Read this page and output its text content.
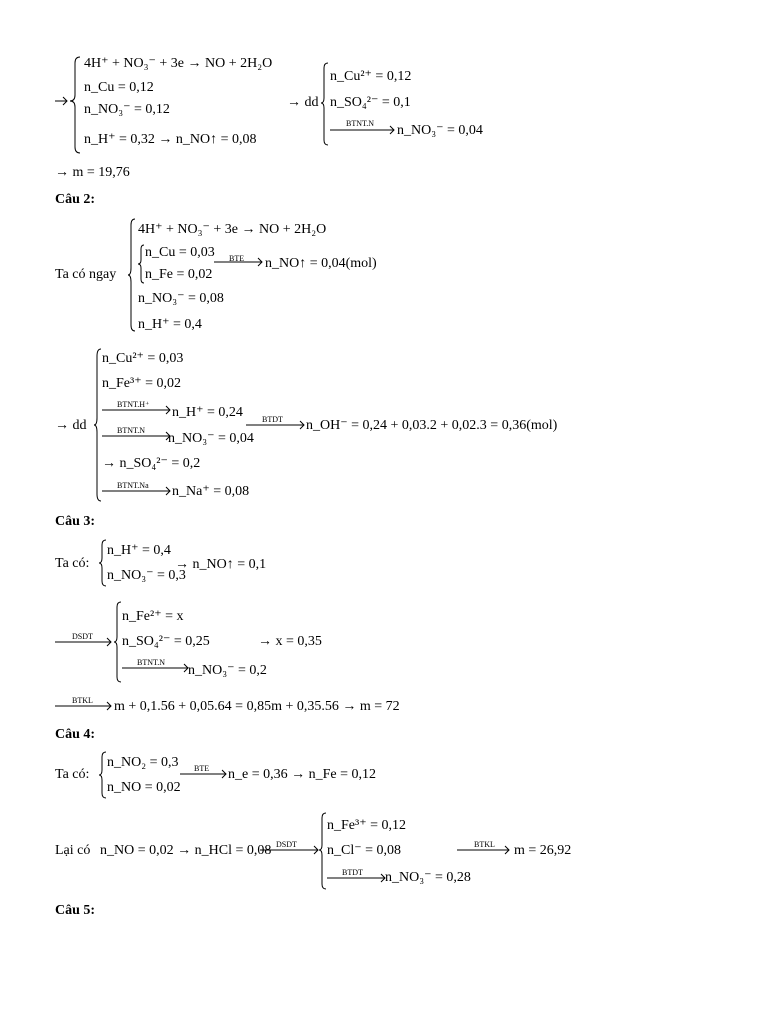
4H⁺ + NO₃⁻ + 3e → NO + 2H₂O
n_Cu = 0,12
n_NO₃⁻ = 0,12
n_H⁺ = 0,32 → n_NO↑ = 0,08
→ dd
n_Cu²⁺ = 0,12
n_SO₄²⁻ = 0,1
BTNT.N n_NO₃⁻ = 0,04
→ m = 19,76
Câu 2:
Ta có ngay
4H⁺ + NO₃⁻ + 3e → NO + 2H₂O
n_Cu = 0,03
n_Fe = 0,02
BTE n_NO↑ = 0,04(mol)
n_NO₃⁻ = 0,08
n_H⁺ = 0,4
→ dd
n_Cu²⁺ = 0,03
n_Fe³⁺ = 0,02
BTNT.H⁺
n_H⁺ = 0,24
BTNT.N
n_NO₃⁻ = 0,04
→ n_SO₄²⁻ = 0,2
BTNT.Na n_Na⁺ = 0,08
BTDT n_OH⁻ = 0,24 + 0,03.2 + 0,02.3 = 0,36(mol)
Câu 3:
Ta có:
n_H⁺ = 0,4
n_NO₃⁻ = 0,3
→ n_NO↑ = 0,1
DSDT
n_Fe²⁺ = x
n_SO₄²⁻ = 0,25	→ x = 0,35
BTNT.N
n_NO₃⁻ = 0,2
BTKL m + 0,1.56 + 0,05.64 = 0,85m + 0,35.56 → m = 72
Câu 4:
Ta có:
n_NO₂ = 0,3
n_NO = 0,02
BTE n_e = 0,36 → n_Fe = 0,12
Lại có n_NO = 0,02 → n_HCl = 0,08 DSDT
n_Fe³⁺ = 0,12
n_Cl⁻ = 0,08
BTDT n_NO₃⁻ = 0,28
BTKL m = 26,92
Câu 5:
